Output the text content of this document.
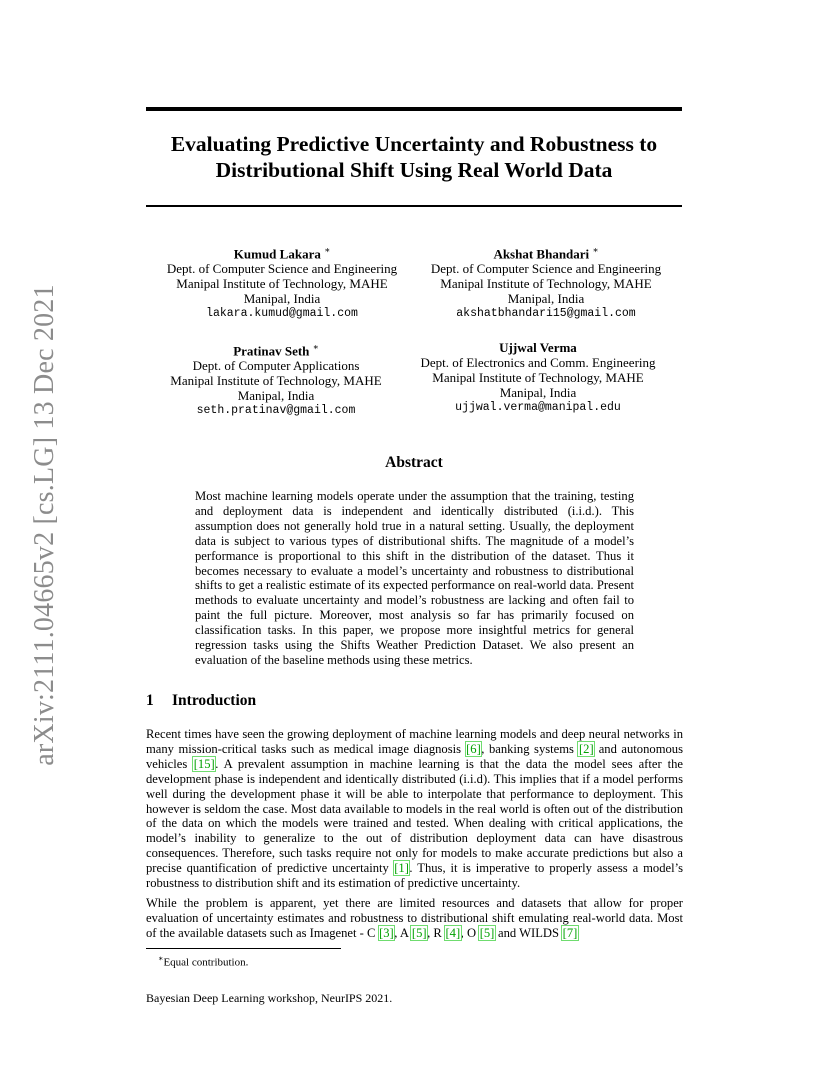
arXiv:2111.04665v2 [cs.LG] 13 Dec 2021
Evaluating Predictive Uncertainty and Robustness to
Distributional Shift Using Real World Data
Kumud Lakara ∗
Dept. of Computer Science and Engineering
Manipal Institute of Technology, MAHE
Manipal, India
lakara.kumud@gmail.com
Akshat Bhandari ∗
Dept. of Computer Science and Engineering
Manipal Institute of Technology, MAHE
Manipal, India
akshatbhandari15@gmail.com
Pratinav Seth ∗
Dept. of Computer Applications
Manipal Institute of Technology, MAHE
Manipal, India
seth.pratinav@gmail.com
Ujjwal Verma
Dept. of Electronics and Comm. Engineering
Manipal Institute of Technology, MAHE
Manipal, India
ujjwal.verma@manipal.edu
Abstract

Most machine learning models operate under the assumption that the training, testing and deployment data is independent and identically distributed (i.i.d.). This assumption does not generally hold true in a natural setting. Usually, the deployment data is subject to various types of distributional shifts. The magnitude of a model’s performance is proportional to this shift in the distribution of the dataset. Thus it becomes necessary to evaluate a model’s uncertainty and robustness to distributional shifts to get a realistic estimate of its expected performance on real-world data. Present methods to evaluate uncertainty and model’s robustness are lacking and often fail to paint the full picture. Moreover, most analysis so far has primarily focused on classification tasks. In this paper, we propose more insightful metrics for general regression tasks using the Shifts Weather Prediction Dataset. We also present an evaluation of the baseline methods using these metrics.

1 Introduction

Recent times have seen the growing deployment of machine learning models and deep neural networks in many mission-critical tasks such as medical image diagnosis [6], banking systems [2] and autonomous vehicles [15]. A prevalent assumption in machine learning is that the data the model sees after the development phase is independent and identically distributed (i.i.d). This implies that if a model performs well during the development phase it will be able to interpolate that performance to deployment. This however is seldom the case. Most data available to models in the real world is often out of the distribution of the data on which the models were trained and tested. When dealing with critical applications, the model’s inability to generalize to the out of distribution deployment data can have disastrous consequences. Therefore, such tasks require not only for models to make accurate predictions but also a precise quantification of predictive uncertainty [1]. Thus, it is imperative to properly assess a model’s robustness to distribution shift and its estimation of predictive uncertainty.

While the problem is apparent, yet there are limited resources and datasets that allow for proper evaluation of uncertainty estimates and robustness to distributional shift emulating real-world data. Most of the available datasets such as Imagenet - C [3], A [5], R [4], O [5] and WILDS [7]

∗Equal contribution.

Bayesian Deep Learning workshop, NeurIPS 2021.
